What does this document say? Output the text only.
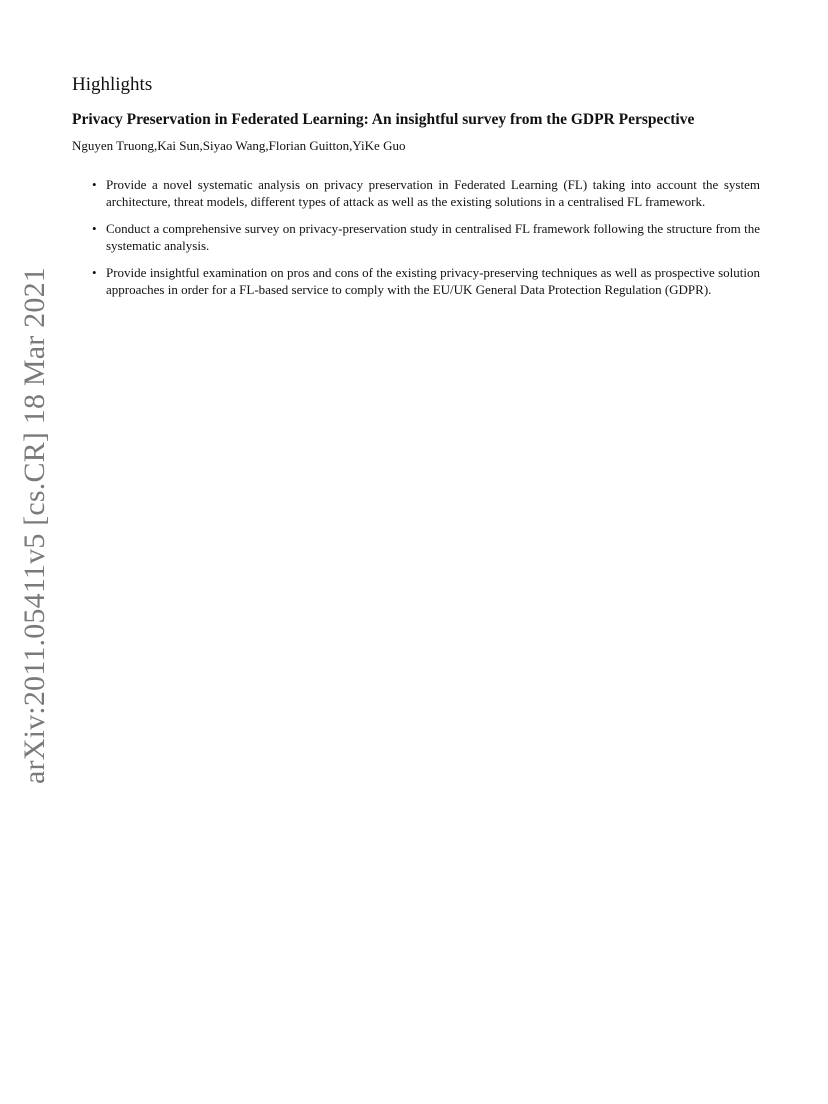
arXiv:2011.05411v5 [cs.CR] 18 Mar 2021
Highlights
Privacy Preservation in Federated Learning: An insightful survey from the GDPR Perspective
Nguyen Truong,Kai Sun,Siyao Wang,Florian Guitton,YiKe Guo
• Provide a novel systematic analysis on privacy preservation in Federated Learning (FL) taking into account the system architecture, threat models, different types of attack as well as the existing solutions in a centralised FL framework.
• Conduct a comprehensive survey on privacy-preservation study in centralised FL framework following the structure from the systematic analysis.
• Provide insightful examination on pros and cons of the existing privacy-preserving techniques as well as prospective solution approaches in order for a FL-based service to comply with the EU/UK General Data Protection Regulation (GDPR).
